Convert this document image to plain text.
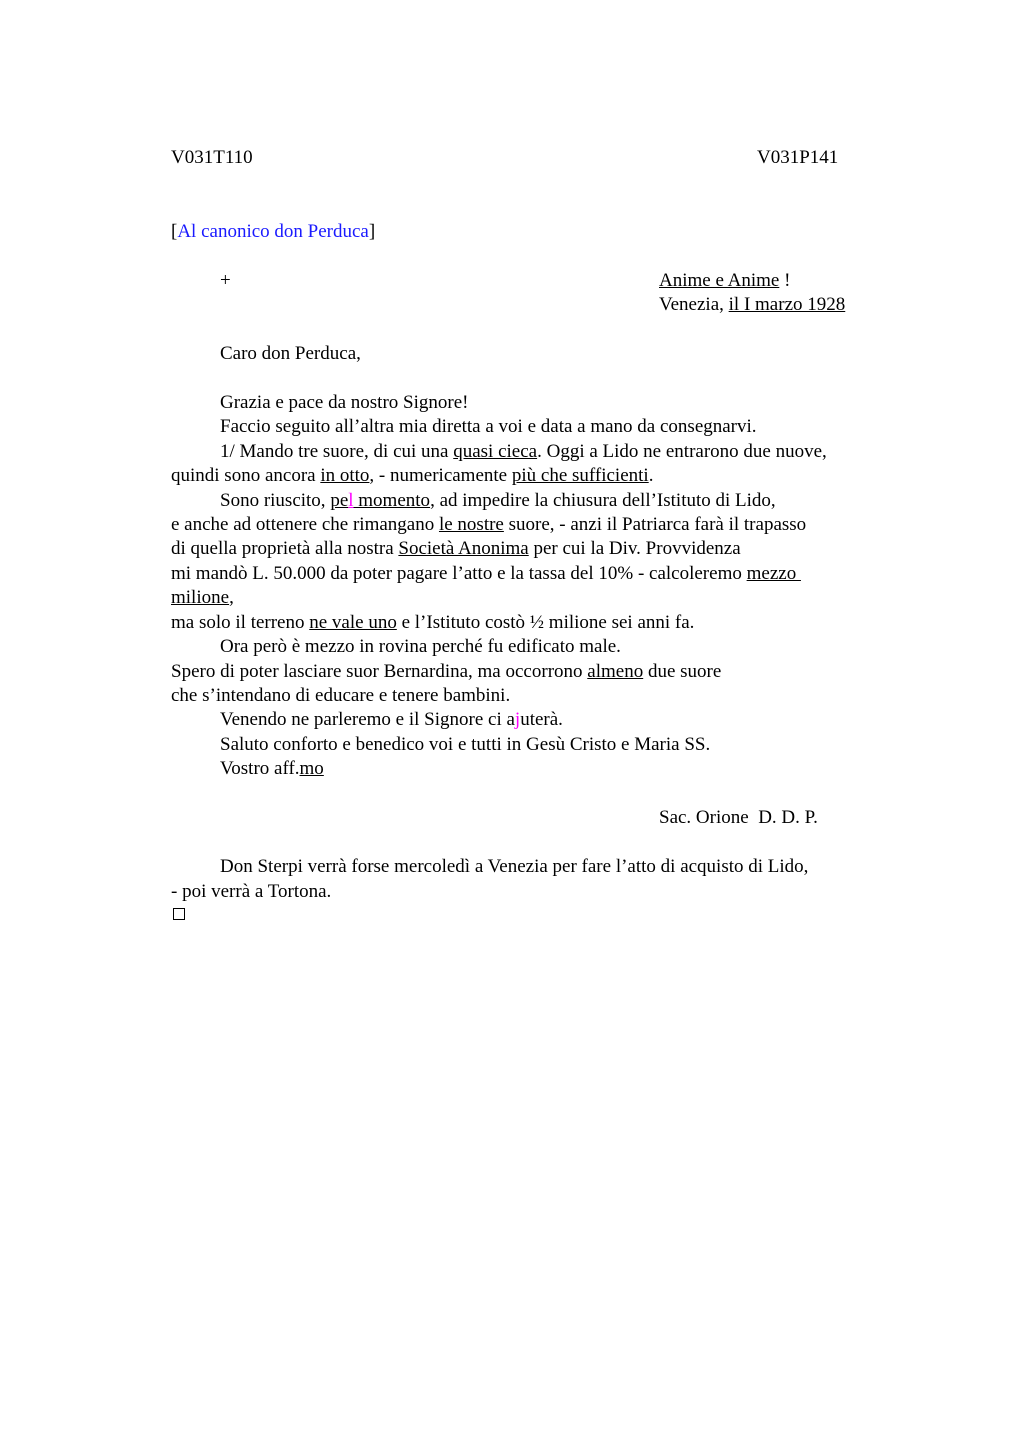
V031T110	V031P141
[Al canonico don Perduca]
+	Anime e Anime !
Venezia, il I marzo 1928
Caro don Perduca,
Grazia e pace da nostro Signore!
Faccio seguito all’altra mia diretta a voi e data a mano da consegnarvi.
1/ Mando tre suore, di cui una quasi cieca. Oggi a Lido ne entrarono due nuove,
quindi sono ancora in otto, - numericamente più che sufficienti.
Sono riuscito, pel momento, ad impedire la chiusura dell’Istituto di Lido,
e anche ad ottenere che rimangano le nostre suore, - anzi il Patriarca farà il trapasso
di quella proprietà alla nostra Società Anonima per cui la Div. Provvidenza
mi mandò L. 50.000 da poter pagare l’atto e la tassa del 10% - calcoleremo mezzo
milione,
ma solo il terreno ne vale uno e l’Istituto costò ½ milione sei anni fa.
Ora però è mezzo in rovina perché fu edificato male.
Spero di poter lasciare suor Bernardina, ma occorrono almeno due suore
che s’intendano di educare e tenere bambini.
Venendo ne parleremo e il Signore ci ajuterà.
Saluto conforto e benedico voi e tutti in Gesù Cristo e Maria SS.
Vostro aff.mo
Sac. Orione  D. D. P.
Don Sterpi verrà forse mercoledì a Venezia per fare l’atto di acquisto di Lido,
- poi verrà a Tortona.
